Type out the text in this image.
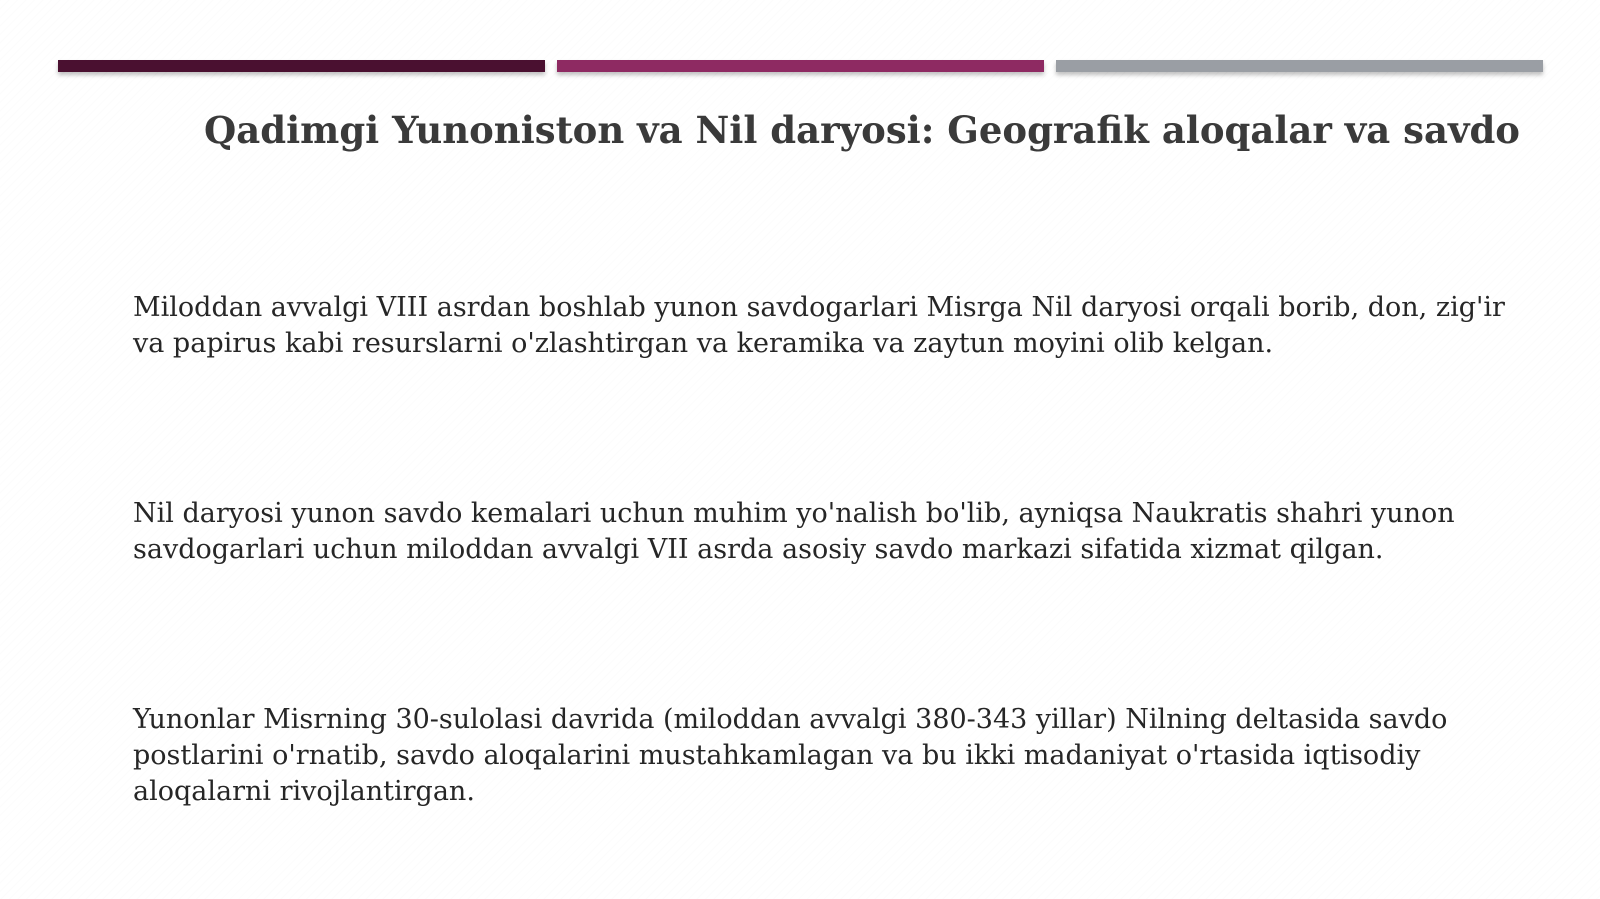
Qadimgi Yunoniston va Nil daryosi: Geografik aloqalar va savdo

Miloddan avvalgi VIII asrdan boshlab yunon savdogarlari Misrga Nil daryosi orqali borib, don, zig'ir va papirus kabi resurslarni o'zlashtirgan va keramika va zaytun moyini olib kelgan.

Nil daryosi yunon savdo kemalari uchun muhim yo'nalish bo'lib, ayniqsa Naukratis shahri yunon savdogarlari uchun miloddan avvalgi VII asrda asosiy savdo markazi sifatida xizmat qilgan.

Yunonlar Misrning 30-sulolasi davrida (miloddan avvalgi 380-343 yillar) Nilning deltasida savdo postlarini o'rnatib, savdo aloqalarini mustahkamlagan va bu ikki madaniyat o'rtasida iqtisodiy aloqalarni rivojlantirgan.
